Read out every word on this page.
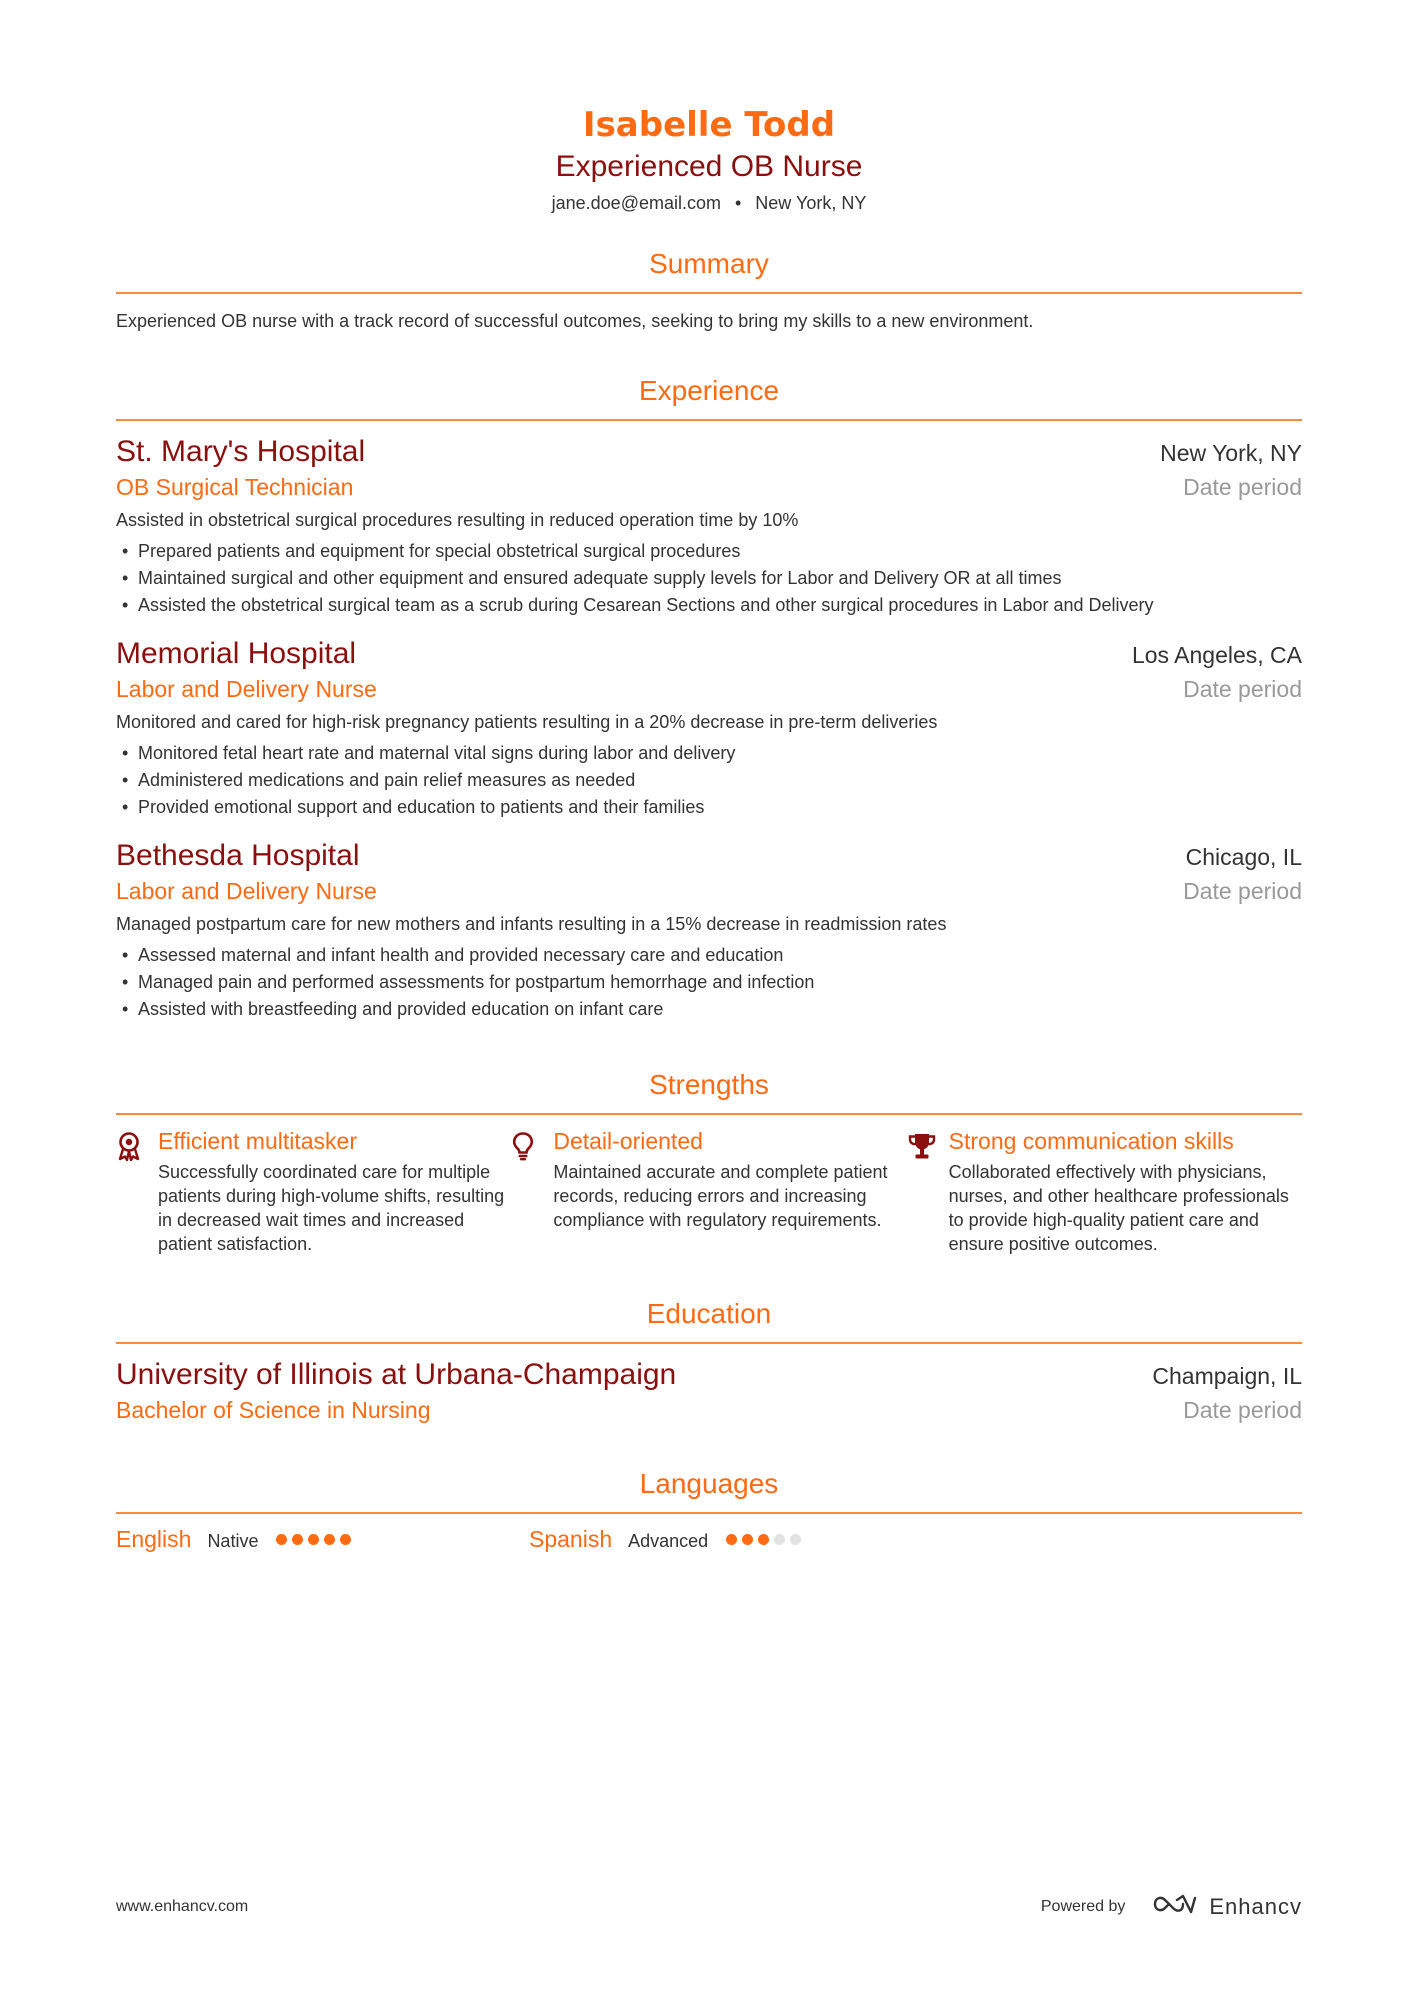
Isabelle Todd
Experienced OB Nurse
jane.doe@email.com • New York, NY
Summary
Experienced OB nurse with a track record of successful outcomes, seeking to bring my skills to a new environment.
Experience
St. Mary's Hospital	New York, NY
OB Surgical Technician	Date period
Assisted in obstetrical surgical procedures resulting in reduced operation time by 10%
• Prepared patients and equipment for special obstetrical surgical procedures
• Maintained surgical and other equipment and ensured adequate supply levels for Labor and Delivery OR at all times
• Assisted the obstetrical surgical team as a scrub during Cesarean Sections and other surgical procedures in Labor and Delivery
Memorial Hospital	Los Angeles, CA
Labor and Delivery Nurse	Date period
Monitored and cared for high-risk pregnancy patients resulting in a 20% decrease in pre-term deliveries
• Monitored fetal heart rate and maternal vital signs during labor and delivery
• Administered medications and pain relief measures as needed
• Provided emotional support and education to patients and their families
Bethesda Hospital	Chicago, IL
Labor and Delivery Nurse	Date period
Managed postpartum care for new mothers and infants resulting in a 15% decrease in readmission rates
• Assessed maternal and infant health and provided necessary care and education
• Managed pain and performed assessments for postpartum hemorrhage and infection
• Assisted with breastfeeding and provided education on infant care
Strengths
Efficient multitasker
Successfully coordinated care for multiple patients during high-volume shifts, resulting in decreased wait times and increased patient satisfaction.
Detail-oriented
Maintained accurate and complete patient records, reducing errors and increasing compliance with regulatory requirements.
Strong communication skills
Collaborated effectively with physicians, nurses, and other healthcare professionals to provide high-quality patient care and ensure positive outcomes.
Education
University of Illinois at Urbana-Champaign	Champaign, IL
Bachelor of Science in Nursing	Date period
Languages
English Native	Spanish Advanced
www.enhancv.com	Powered by	Enhancv
